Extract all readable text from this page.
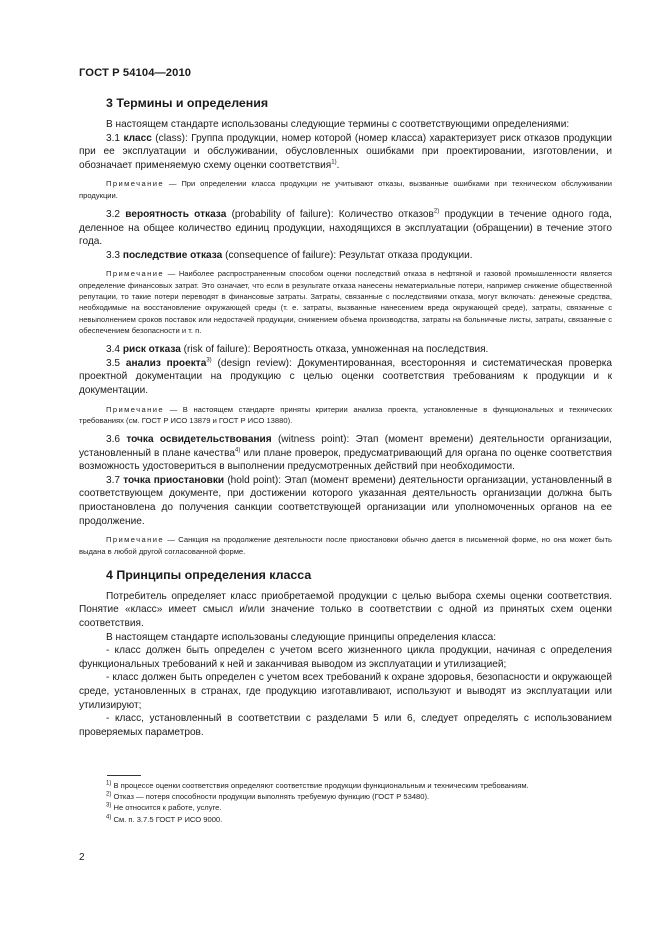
ГОСТ Р 54104—2010
3 Термины и определения

В настоящем стандарте использованы следующие термины с соответствующими определениями:

3.1 класс (class): Группа продукции, номер которой (номер класса) характеризует риск отказов продукции при ее эксплуатации и обслуживании, обусловленных ошибками при проектировании, изготовлении, и обозначает применяемую схему оценки соответствия$^{1)}$.

Примечание — При определении класса продукции не учитывают отказы, вызванные ошибками при техническом обслуживании продукции.

3.2 вероятность отказа (probability of failure): Количество отказов$^{2)}$ продукции в течение одного года, деленное на общее количество единиц продукции, находящихся в эксплуатации (обращении) в течение этого года.

3.3 последствие отказа (consequence of failure): Результат отказа продукции.

Примечание — Наиболее распространенным способом оценки последствий отказа в нефтяной и газовой промышленности является определение финансовых затрат. Это означает, что если в результате отказа нанесены нематериальные потери, например снижение общественной репутации, то такие потери переводят в финансовые затраты. Затраты, связанные с последствиями отказа, могут включать: денежные средства, необходимые на восстановление окружающей среды (т. е. затраты, вызванные нанесением вреда окружающей среде), затраты, связанные с невыполнением сроков поставок или недостачей продукции, снижением объема производства, затраты на больничные листы, затраты, связанные с обеспечением безопасности и т. п.

3.4 риск отказа (risk of failure): Вероятность отказа, умноженная на последствия.

3.5 анализ проекта$^{3)}$ (design review): Документированная, всесторонняя и систематическая проверка проектной документации на продукцию с целью оценки соответствия требованиям к продукции и к документации.

Примечание — В настоящем стандарте приняты критерии анализа проекта, установленные в функциональных и технических требованиях (см. ГОСТ Р ИСО 13879 и ГОСТ Р ИСО 13880).

3.6 точка освидетельствования (witness point): Этап (момент времени) деятельности организации, установленный в плане качества$^{4)}$ или плане проверок, предусматривающий для органа по оценке соответствия возможность удостовериться в выполнении предусмотренных действий при необходимости.

3.7 точка приостановки (hold point): Этап (момент времени) деятельности организации, установленный в соответствующем документе, при достижении которого указанная деятельность организации должна быть приостановлена до получения санкции соответствующей организации или уполномоченных органов на ее продолжение.

Примечание — Санкция на продолжение деятельности после приостановки обычно дается в письменной форме, но она может быть выдана в любой другой согласованной форме.

4 Принципы определения класса

Потребитель определяет класс приобретаемой продукции с целью выбора схемы оценки соответствия. Понятие «класс» имеет смысл и/или значение только в соответствии с одной из принятых схем оценки соответствия.

В настоящем стандарте использованы следующие принципы определения класса:

- класс должен быть определен с учетом всего жизненного цикла продукции, начиная с определения функциональных требований к ней и заканчивая выводом из эксплуатации и утилизацией;

- класс должен быть определен с учетом всех требований к охране здоровья, безопасности и окружающей среде, установленных в странах, где продукцию изготавливают, используют и выводят из эксплуатации или утилизируют;

- класс, установленный в соответствии с разделами 5 или 6, следует определять с использованием проверяемых параметров.

$^{1)}$ В процессе оценки соответствия определяют соответствие продукции функциональным и техническим требованиям.

$^{2)}$ Отказ — потеря способности продукции выполнять требуемую функцию (ГОСТ Р 53480).

$^{3)}$ Не относится к работе, услуге.

$^{4)}$ См. п. 3.7.5 ГОСТ Р ИСО 9000.

2
